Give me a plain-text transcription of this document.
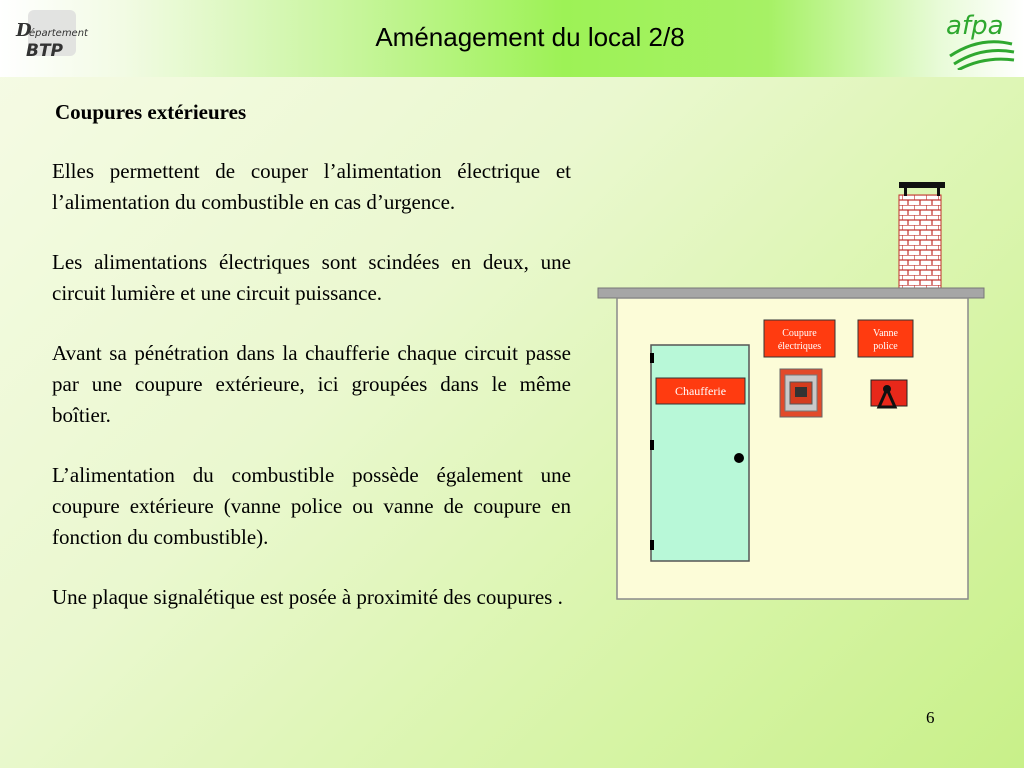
D
épartement
BTP	Aménagement du local 2/8	afpa
Coupures extérieures

Elles permettent de couper l’alimentation électrique et l’alimentation du combustible en cas d’urgence.

Les alimentations électriques sont scindées en deux, une circuit lumière et une circuit puissance.

Avant sa pénétration dans la chaufferie chaque circuit passe par une coupure extérieure, ici groupées dans le même boîtier.

L’alimentation du combustible possède également une coupure extérieure (vanne police ou vanne de coupure en fonction du combustible).

Une plaque signalétique est posée à proximité des coupures .

Chaufferie
Coupure
électriques
Vanne
police
6
